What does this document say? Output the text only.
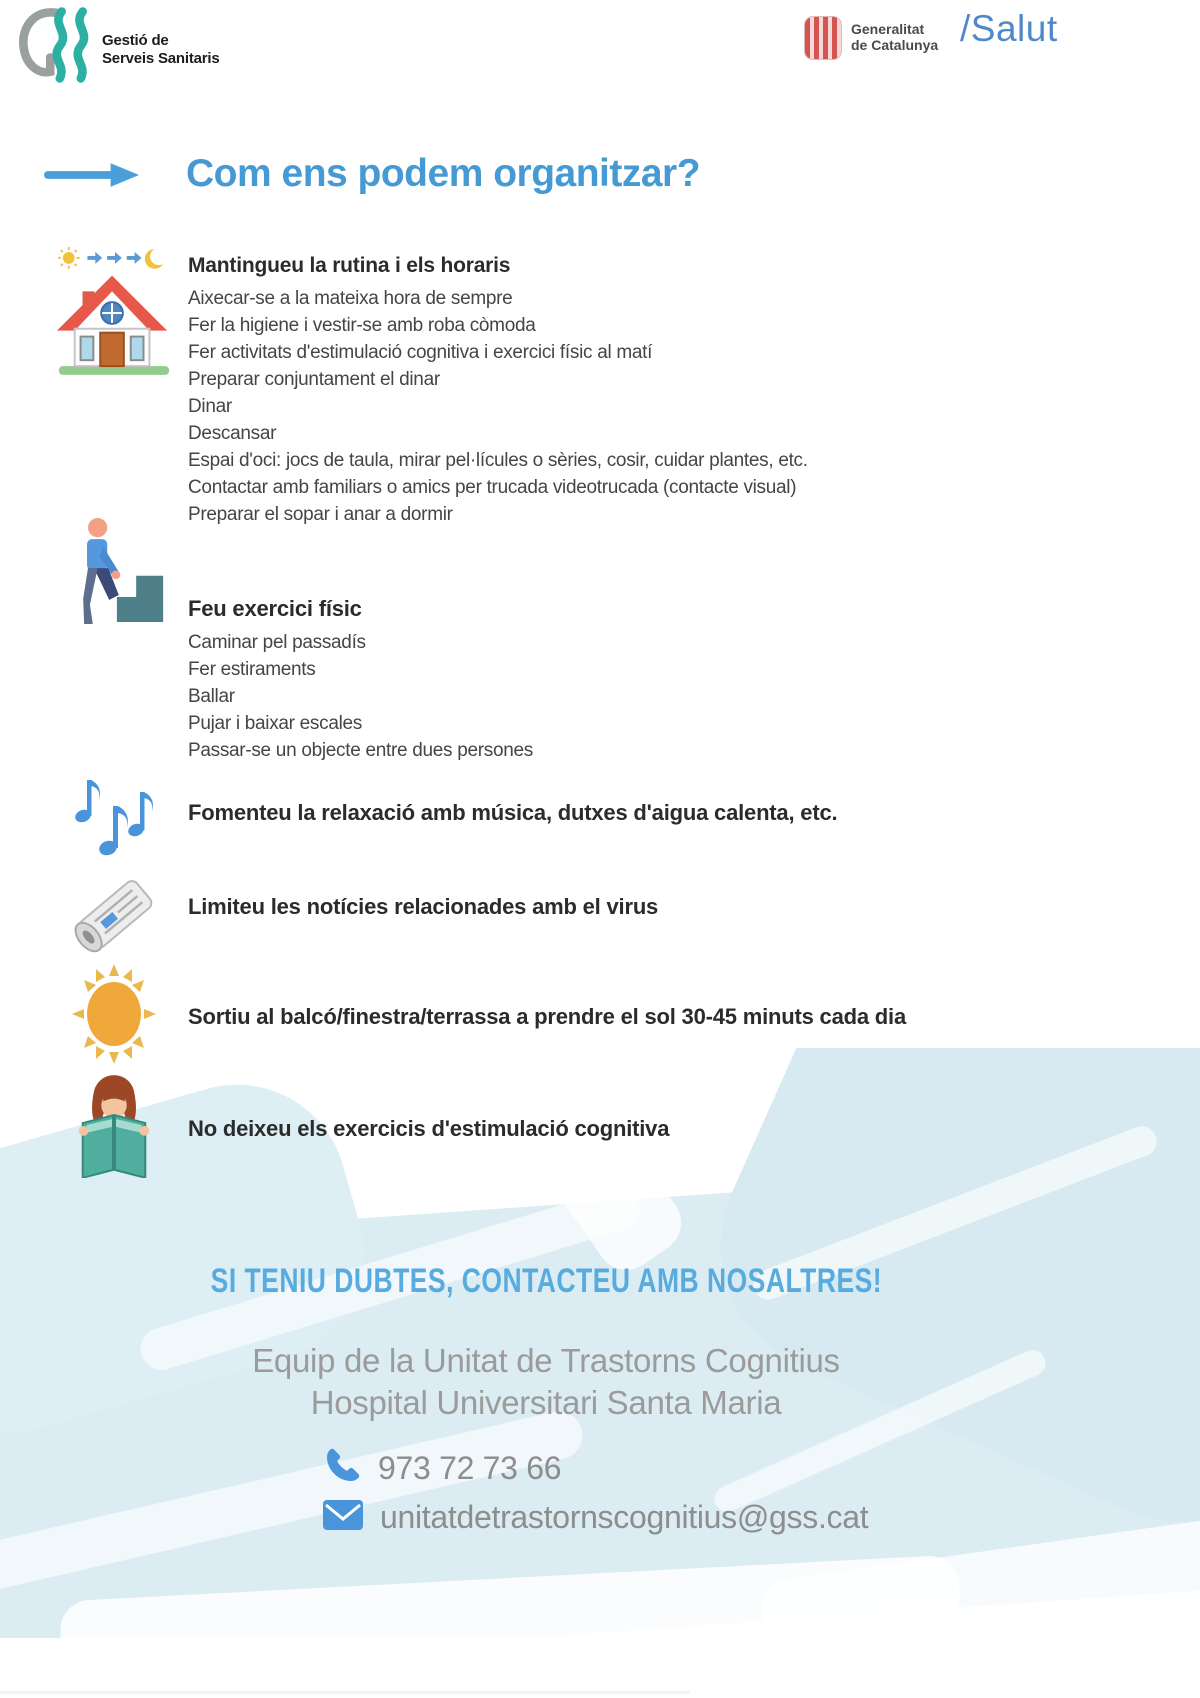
Gestió de
Serveis Sanitaris
Generalitat
de Catalunya /Salut
Com ens podem organitzar?
Mantingueu la rutina i els horaris
Aixecar-se a la mateixa hora de sempre
Fer la higiene i vestir-se amb roba còmoda
Fer activitats d'estimulació cognitiva i exercici físic al matí
Preparar conjuntament el dinar
Dinar
Descansar
Espai d'oci: jocs de taula, mirar pel·lícules o sèries, cosir, cuidar plantes, etc.
Contactar amb familiars o amics per trucada videotrucada (contacte visual)
Preparar el sopar i anar a dormir
Feu exercici físic
Caminar pel passadís
Fer estiraments
Ballar
Pujar i baixar escales
Passar-se un objecte entre dues persones
Fomenteu la relaxació amb música, dutxes d'aigua calenta, etc.
Limiteu les notícies relacionades amb el virus
Sortiu al balcó/finestra/terrassa a prendre el sol 30-45 minuts cada dia
No deixeu els exercicis d'estimulació cognitiva
SI TENIU DUBTES, CONTACTEU AMB NOSALTRES!
Equip de la Unitat de Trastorns Cognitius
Hospital Universitari Santa Maria
973 72 73 66
unitatdetrastornscognitius@gss.cat
